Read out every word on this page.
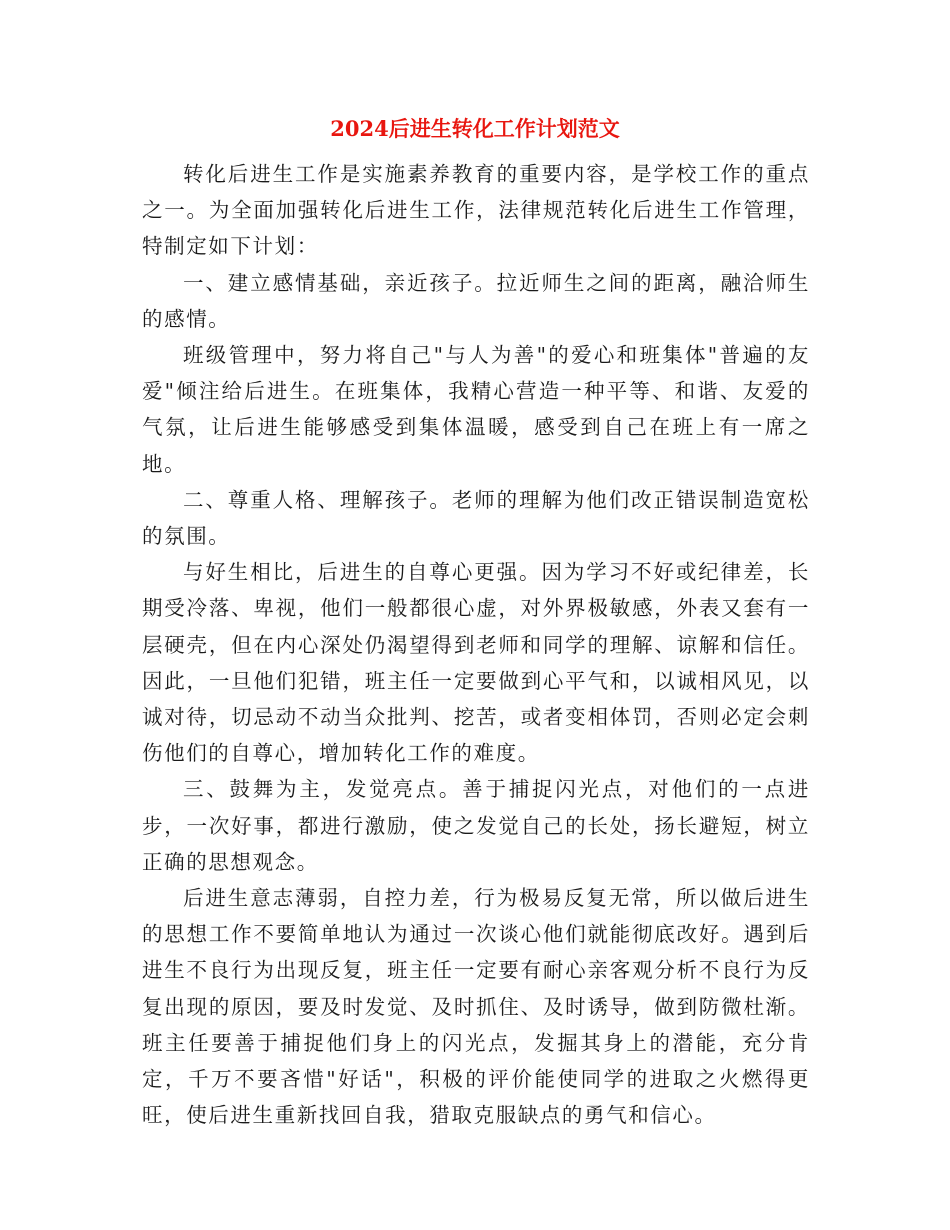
2024后进生转化工作计划范文

转化后进生工作是实施素养教育的重要内容，是学校工作的重点之一。为全面加强转化后进生工作，法律规范转化后进生工作管理，特制定如下计划：

一、建立感情基础，亲近孩子。拉近师生之间的距离，融洽师生的感情。

班级管理中，努力将自己"与人为善"的爱心和班集体"普遍的友爱"倾注给后进生。在班集体，我精心营造一种平等、和谐、友爱的气氛，让后进生能够感受到集体温暖，感受到自己在班上有一席之地。

二、尊重人格、理解孩子。老师的理解为他们改正错误制造宽松的氛围。

与好生相比，后进生的自尊心更强。因为学习不好或纪律差，长期受冷落、卑视，他们一般都很心虚，对外界极敏感，外表又套有一层硬壳，但在内心深处仍渴望得到老师和同学的理解、谅解和信任。因此，一旦他们犯错，班主任一定要做到心平气和，以诚相风见，以诚对待，切忌动不动当众批判、挖苦，或者变相体罚，否则必定会刺伤他们的自尊心，增加转化工作的难度。

三、鼓舞为主，发觉亮点。善于捕捉闪光点，对他们的一点进步，一次好事，都进行激励，使之发觉自己的长处，扬长避短，树立正确的思想观念。

后进生意志薄弱，自控力差，行为极易反复无常，所以做后进生的思想工作不要简单地认为通过一次谈心他们就能彻底改好。遇到后进生不良行为出现反复，班主任一定要有耐心亲客观分析不良行为反复出现的原因，要及时发觉、及时抓住、及时诱导，做到防微杜渐。班主任要善于捕捉他们身上的闪光点，发掘其身上的潜能，充分肯定，千万不要吝惜"好话"，积极的评价能使同学的进取之火燃得更旺，使后进生重新找回自我，猎取克服缺点的勇气和信心。
